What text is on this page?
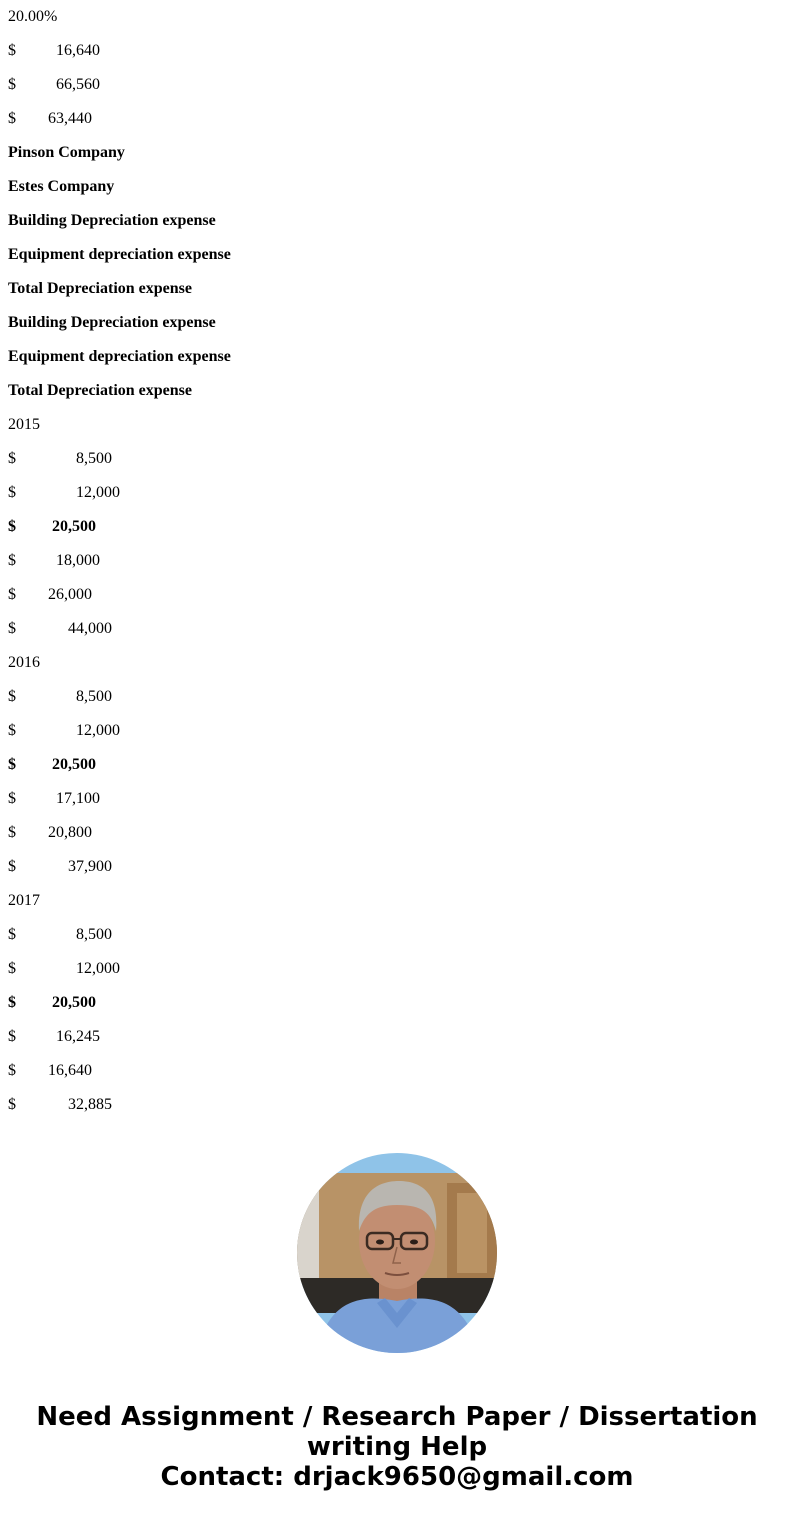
20.00%
$          16,640
$          66,560
$        63,440
Pinson Company
Estes Company
Building Depreciation expense
Equipment depreciation expense
Total Depreciation expense
Building Depreciation expense
Equipment depreciation expense
Total Depreciation expense
2015
$               8,500
$               12,000
$         20,500
$          18,000
$        26,000
$             44,000
2016
$               8,500
$               12,000
$         20,500
$          17,100
$        20,800
$             37,900
2017
$               8,500
$               12,000
$         20,500
$          16,245
$        16,640
$             32,885
Need Assignment / Research Paper / Dissertation writing Help
Contact: drjack9650@gmail.com
